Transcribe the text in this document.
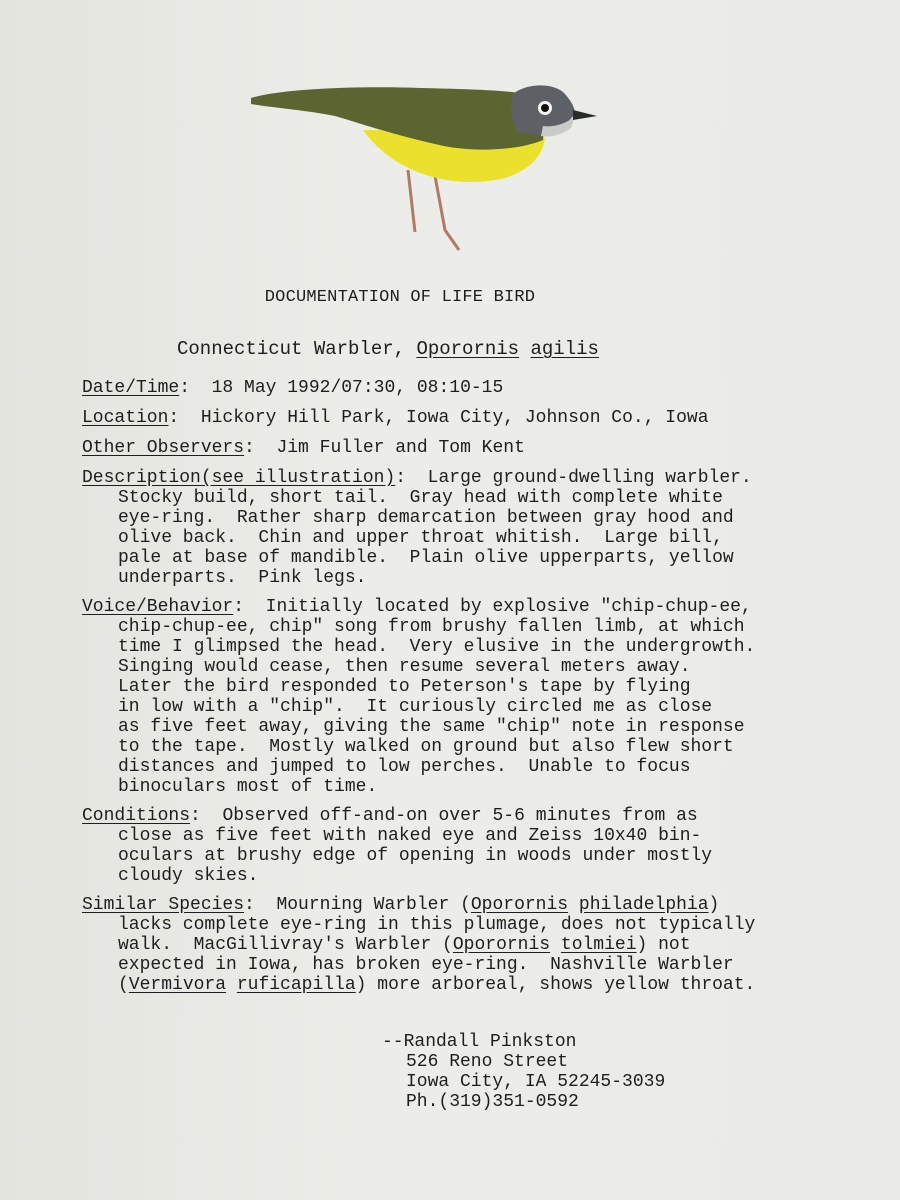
DOCUMENTATION OF LIFE BIRD
Connecticut Warbler, Oporornis agilis
Date/Time:  18 May 1992/07:30, 08:10-15
Location:  Hickory Hill Park, Iowa City, Johnson Co., Iowa
Other Observers:  Jim Fuller and Tom Kent
Description(see illustration):  Large ground-dwelling warbler.

Stocky build, short tail.  Gray head with complete white
eye-ring.  Rather sharp demarcation between gray hood and
olive back.  Chin and upper throat whitish.  Large bill,
pale at base of mandible.  Plain olive upperparts, yellow
underparts.  Pink legs.
Voice/Behavior:  Initially located by explosive "chip-chup-ee,

chip-chup-ee, chip" song from brushy fallen limb, at which
time I glimpsed the head.  Very elusive in the undergrowth.
Singing would cease, then resume several meters away.
Later the bird responded to Peterson's tape by flying
in low with a "chip".  It curiously circled me as close
as five feet away, giving the same "chip" note in response
to the tape.  Mostly walked on ground but also flew short
distances and jumped to low perches.  Unable to focus
binoculars most of time.
Conditions:  Observed off-and-on over 5-6 minutes from as

close as five feet with naked eye and Zeiss 10x40 bin-
oculars at brushy edge of opening in woods under mostly
cloudy skies.
Similar Species:  Mourning Warbler (Oporornis philadelphia)

lacks complete eye-ring in this plumage, does not typically
walk.  MacGillivray's Warbler (Oporornis tolmiei) not
expected in Iowa, has broken eye-ring.  Nashville Warbler
(Vermivora ruficapilla) more arboreal, shows yellow throat.
--Randall Pinkston

526 Reno Street
Iowa City, IA 52245-3039
Ph.(319)351-0592
